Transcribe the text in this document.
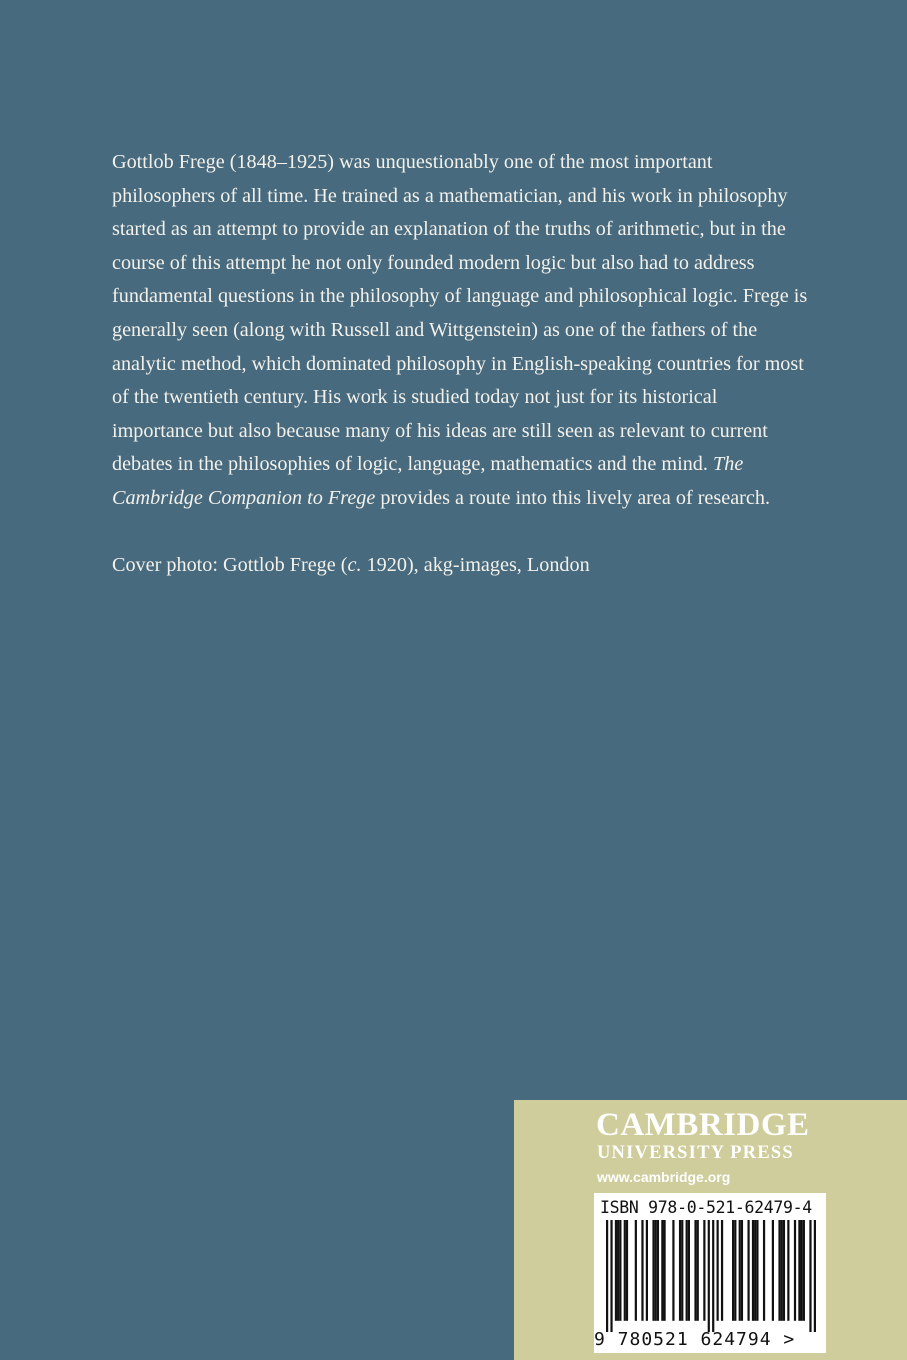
Gottlob Frege (1848–1925) was unquestionably one of the most important philosophers of all time. He trained as a mathematician, and his work in philosophy started as an attempt to provide an explanation of the truths of arithmetic, but in the course of this attempt he not only founded modern logic but also had to address fundamental questions in the philosophy of language and philosophical logic. Frege is generally seen (along with Russell and Wittgenstein) as one of the fathers of the analytic method, which dominated philosophy in English-speaking countries for most of the twentieth century. His work is studied today not just for its historical importance but also because many of his ideas are still seen as relevant to current debates in the philosophies of logic, language, mathematics and the mind. The Cambridge Companion to Frege provides a route into this lively area of research.

Cover photo: Gottlob Frege (c. 1920), akg-images, London

CAMBRIDGE
UNIVERSITY PRESS
www.cambridge.org
ISBN 978-0-521-62479-4
9 780521 624794 >
